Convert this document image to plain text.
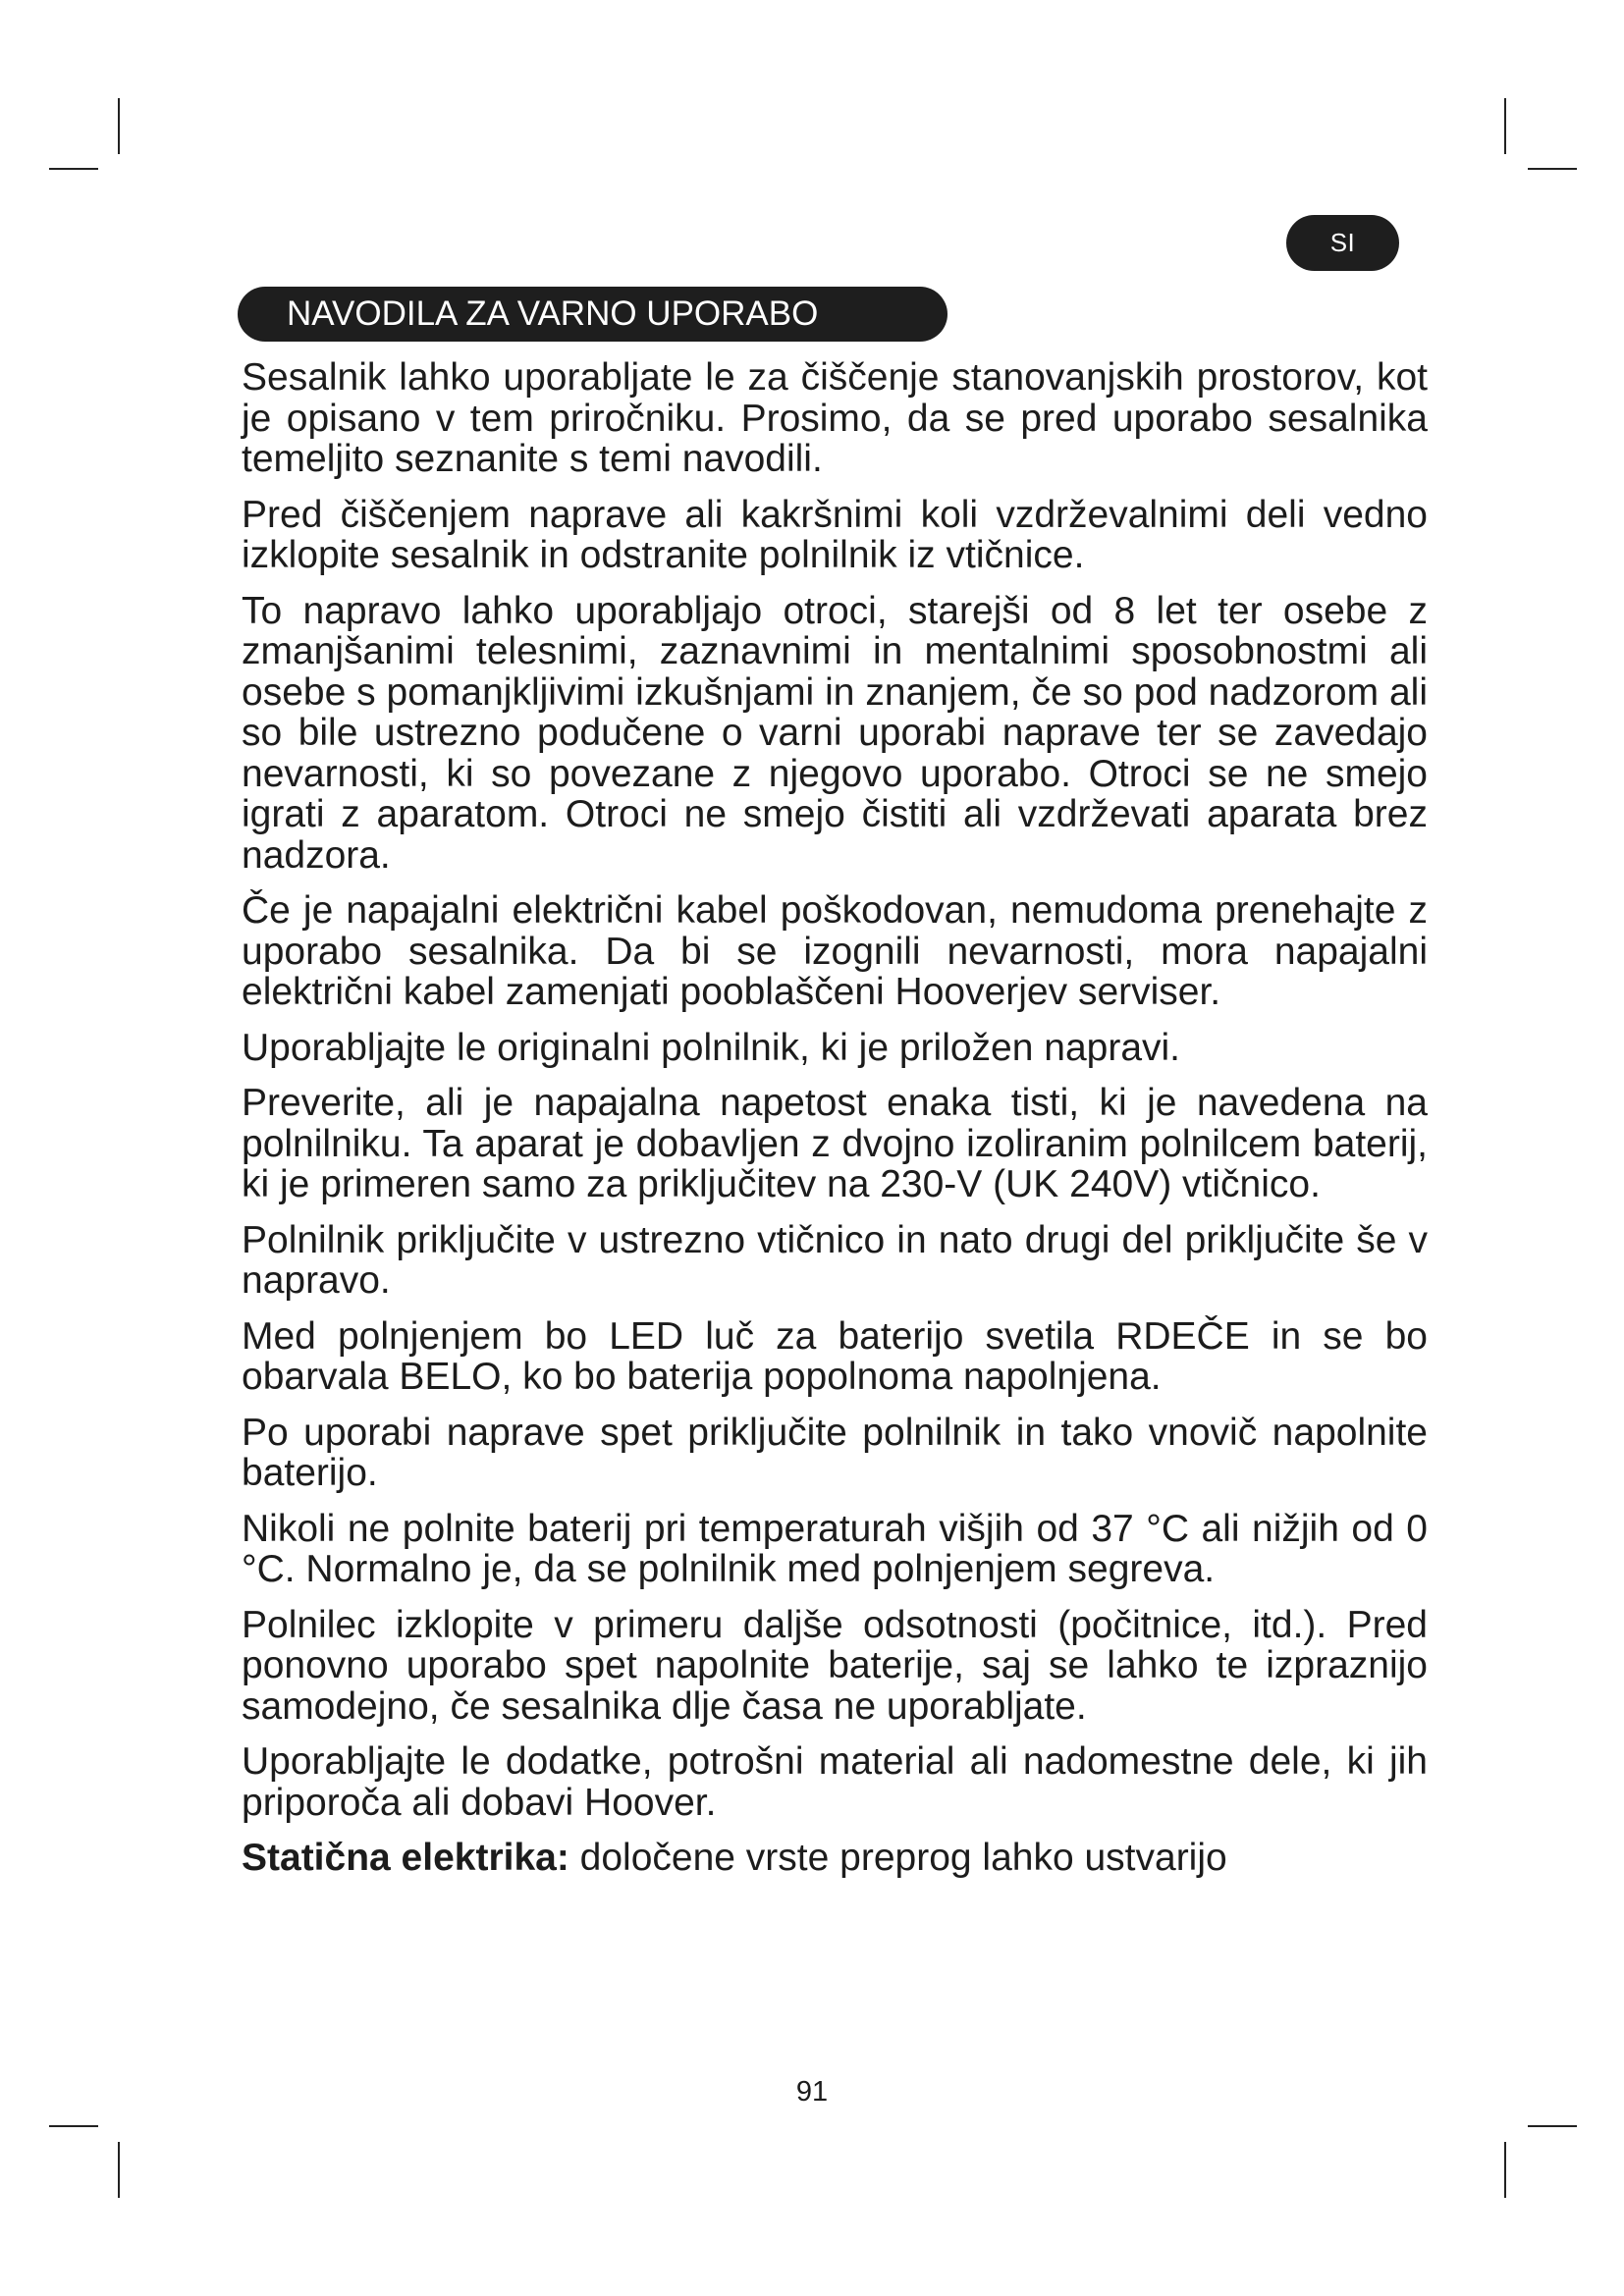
SI
NAVODILA ZA VARNO UPORABO

Sesalnik lahko uporabljate le za čiščenje stanovanjskih prostorov, kot je opisano v tem priročniku. Prosimo, da se pred uporabo sesalnika temeljito seznanite s temi navodili.

Pred čiščenjem naprave ali kakršnimi koli vzdrževalnimi deli vedno izklopite sesalnik in odstranite polnilnik iz vtičnice.

To napravo lahko uporabljajo otroci, starejši od 8 let ter osebe z zmanjšanimi telesnimi, zaznavnimi in mentalnimi sposobnostmi ali osebe s pomanjkljivimi izkušnjami in znanjem, če so pod nadzorom ali so bile ustrezno podučene o varni uporabi naprave ter se zavedajo nevarnosti, ki so povezane z njegovo uporabo. Otroci se ne smejo igrati z aparatom. Otroci ne smejo čistiti ali vzdrževati aparata brez nadzora.

Če je napajalni električni kabel poškodovan, nemudoma prenehajte z uporabo sesalnika. Da bi se izognili nevarnosti, mora napajalni električni kabel zamenjati pooblaščeni Hooverjev serviser.

Uporabljajte le originalni polnilnik, ki je priložen napravi.

Preverite, ali je napajalna napetost enaka tisti, ki je navedena na polnilniku. Ta aparat je dobavljen z dvojno izoliranim polnilcem baterij, ki je primeren samo za priključitev na 230-V (UK 240V) vtičnico.

Polnilnik priključite v ustrezno vtičnico in nato drugi del priključite še v napravo.

Med polnjenjem bo LED luč za baterijo svetila RDEČE in se bo obarvala BELO, ko bo baterija popolnoma napolnjena.

Po uporabi naprave spet priključite polnilnik in tako vnovič napolnite baterijo.

Nikoli ne polnite baterij pri temperaturah višjih od 37 °C ali nižjih od 0 °C. Normalno je, da se polnilnik med polnjenjem segreva.

Polnilec izklopite v primeru daljše odsotnosti (počitnice, itd.). Pred ponovno uporabo spet napolnite baterije, saj se lahko te izpraznijo samodejno, če sesalnika dlje časa ne uporabljate.

Uporabljajte le dodatke, potrošni material ali nadomestne dele, ki jih priporoča ali dobavi Hoover.

Statična elektrika: določene vrste preprog lahko ustvarijo

91
